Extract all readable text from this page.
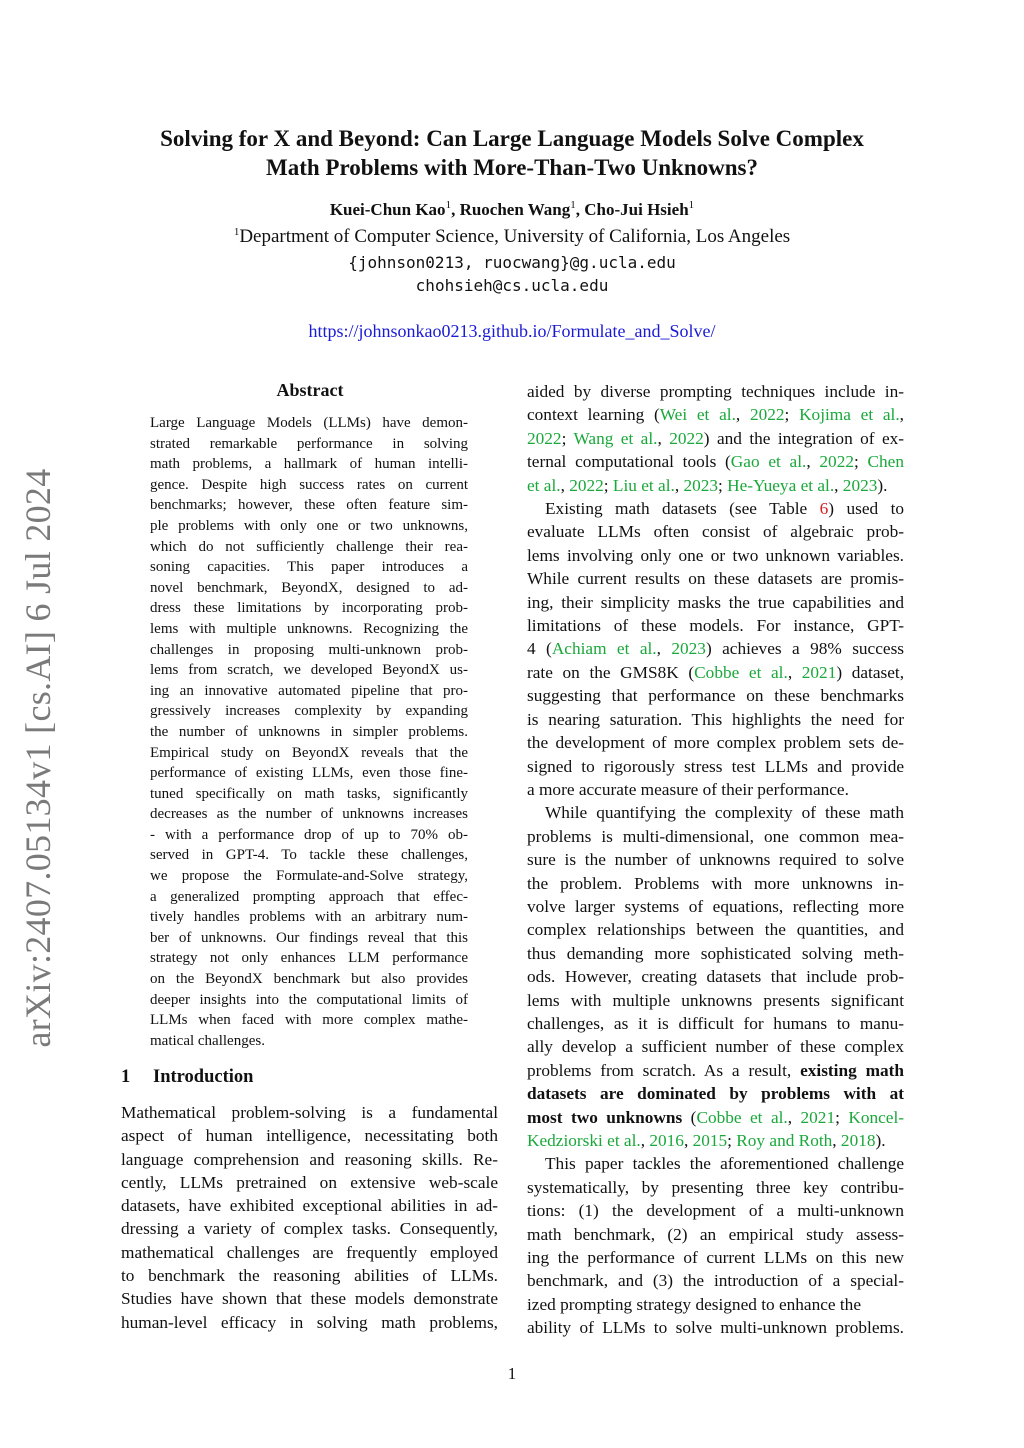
arXiv:2407.05134v1 [cs.AI] 6 Jul 2024
Solving for X and Beyond: Can Large Language Models Solve Complex
Math Problems with More-Than-Two Unknowns?
Kuei-Chun Kao$^1$, Ruochen Wang$^1$, Cho-Jui Hsieh$^1$
$^1$Department of Computer Science, University of California, Los Angeles
{johnson0213, ruocwang}@g.ucla.edu
chohsieh@cs.ucla.edu
https://johnsonkao0213.github.io/Formulate_and_Solve/
Abstract
Large Language Models (LLMs) have demon-
strated remarkable performance in solving
math problems, a hallmark of human intelli-
gence. Despite high success rates on current
benchmarks; however, these often feature sim-
ple problems with only one or two unknowns,
which do not sufficiently challenge their rea-
soning capacities. This paper introduces a
novel benchmark, BeyondX, designed to ad-
dress these limitations by incorporating prob-
lems with multiple unknowns. Recognizing the
challenges in proposing multi-unknown prob-
lems from scratch, we developed BeyondX us-
ing an innovative automated pipeline that pro-
gressively increases complexity by expanding
the number of unknowns in simpler problems.
Empirical study on BeyondX reveals that the
performance of existing LLMs, even those fine-
tuned specifically on math tasks, significantly
decreases as the number of unknowns increases
- with a performance drop of up to 70% ob-
served in GPT-4. To tackle these challenges,
we propose the Formulate-and-Solve strategy,
a generalized prompting approach that effec-
tively handles problems with an arbitrary num-
ber of unknowns. Our findings reveal that this
strategy not only enhances LLM performance
on the BeyondX benchmark but also provides
deeper insights into the computational limits of
LLMs when faced with more complex mathe-
matical challenges.
1 Introduction
Mathematical problem-solving is a fundamental
aspect of human intelligence, necessitating both
language comprehension and reasoning skills. Re-
cently, LLMs pretrained on extensive web-scale
datasets, have exhibited exceptional abilities in ad-
dressing a variety of complex tasks. Consequently,
mathematical challenges are frequently employed
to benchmark the reasoning abilities of LLMs.
Studies have shown that these models demonstrate
human-level efficacy in solving math problems,
aided by diverse prompting techniques include in-
context learning (Wei et al., 2022; Kojima et al.,
2022; Wang et al., 2022) and the integration of ex-
ternal computational tools (Gao et al., 2022; Chen
et al., 2022; Liu et al., 2023; He-Yueya et al., 2023).
Existing math datasets (see Table 6) used to
evaluate LLMs often consist of algebraic prob-
lems involving only one or two unknown variables.
While current results on these datasets are promis-
ing, their simplicity masks the true capabilities and
limitations of these models. For instance, GPT-
4 (Achiam et al., 2023) achieves a 98% success
rate on the GMS8K (Cobbe et al., 2021) dataset,
suggesting that performance on these benchmarks
is nearing saturation. This highlights the need for
the development of more complex problem sets de-
signed to rigorously stress test LLMs and provide
a more accurate measure of their performance.
While quantifying the complexity of these math
problems is multi-dimensional, one common mea-
sure is the number of unknowns required to solve
the problem. Problems with more unknowns in-
volve larger systems of equations, reflecting more
complex relationships between the quantities, and
thus demanding more sophisticated solving meth-
ods. However, creating datasets that include prob-
lems with multiple unknowns presents significant
challenges, as it is difficult for humans to manu-
ally develop a sufficient number of these complex
problems from scratch. As a result, existing math
datasets are dominated by problems with at
most two unknowns (Cobbe et al., 2021; Koncel-
Kedziorski et al., 2016, 2015; Roy and Roth, 2018).
This paper tackles the aforementioned challenge
systematically, by presenting three key contribu-
tions: (1) the development of a multi-unknown
math benchmark, (2) an empirical study assess-
ing the performance of current LLMs on this new
benchmark, and (3) the introduction of a special-
ized prompting strategy designed to enhance the
ability of LLMs to solve multi-unknown problems.
1
